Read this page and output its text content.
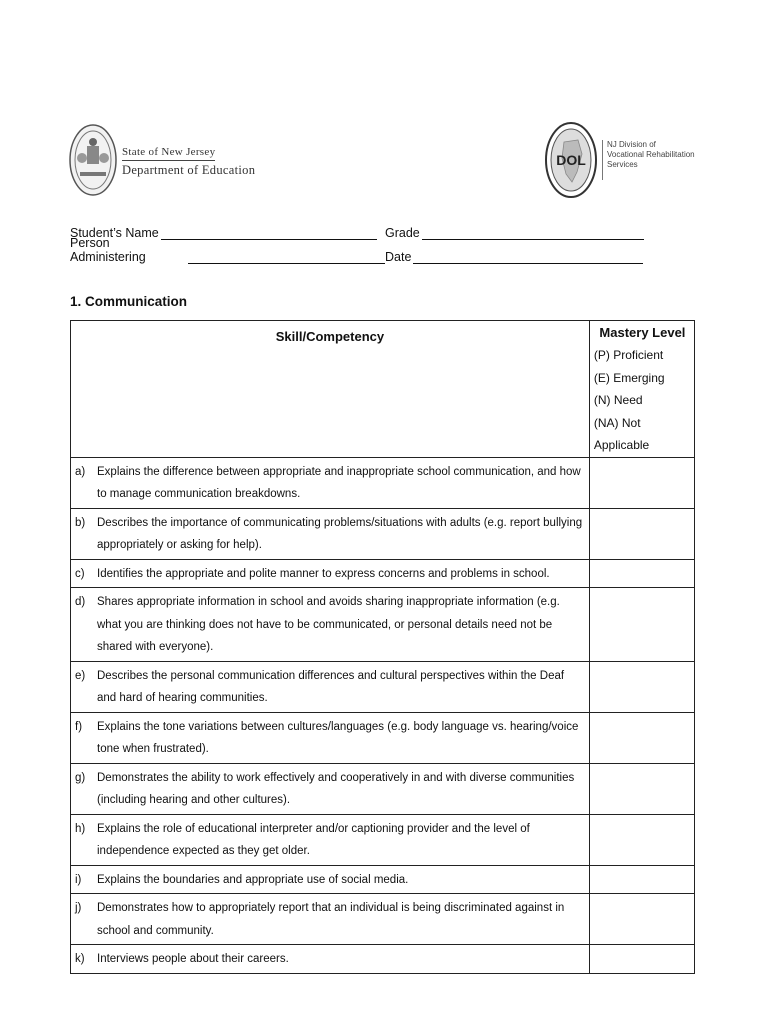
State of New Jersey
Department of Education
DOL
NJ Division of
Vocational Rehabilitation
Services
Student’s Name	Grade
Person Administering	Date
1. Communication
Skill/Competency	Mastery Level
(P) Proficient
(E) Emerging
(N) Need
(NA) Not Applicable

a) Explains the difference between appropriate and inappropriate school communication, and how to manage communication breakdowns.	

b) Describes the importance of communicating problems/situations with adults (e.g. report bullying appropriately or asking for help).	

c) Identifies the appropriate and polite manner to express concerns and problems in school.	

d) Shares appropriate information in school and avoids sharing inappropriate information (e.g. what you are thinking does not have to be communicated, or personal details need not be shared with everyone).	

e) Describes the personal communication differences and cultural perspectives within the Deaf and hard of hearing communities.	

f) Explains the tone variations between cultures/languages (e.g. body language vs. hearing/voice tone when frustrated).	

g) Demonstrates the ability to work effectively and cooperatively in and with diverse communities (including hearing and other cultures).	

h) Explains the role of educational interpreter and/or captioning provider and the level of independence expected as they get older.	

i) Explains the boundaries and appropriate use of social media.	

j) Demonstrates how to appropriately report that an individual is being discriminated against in school and community.	

k) Interviews people about their careers.	
